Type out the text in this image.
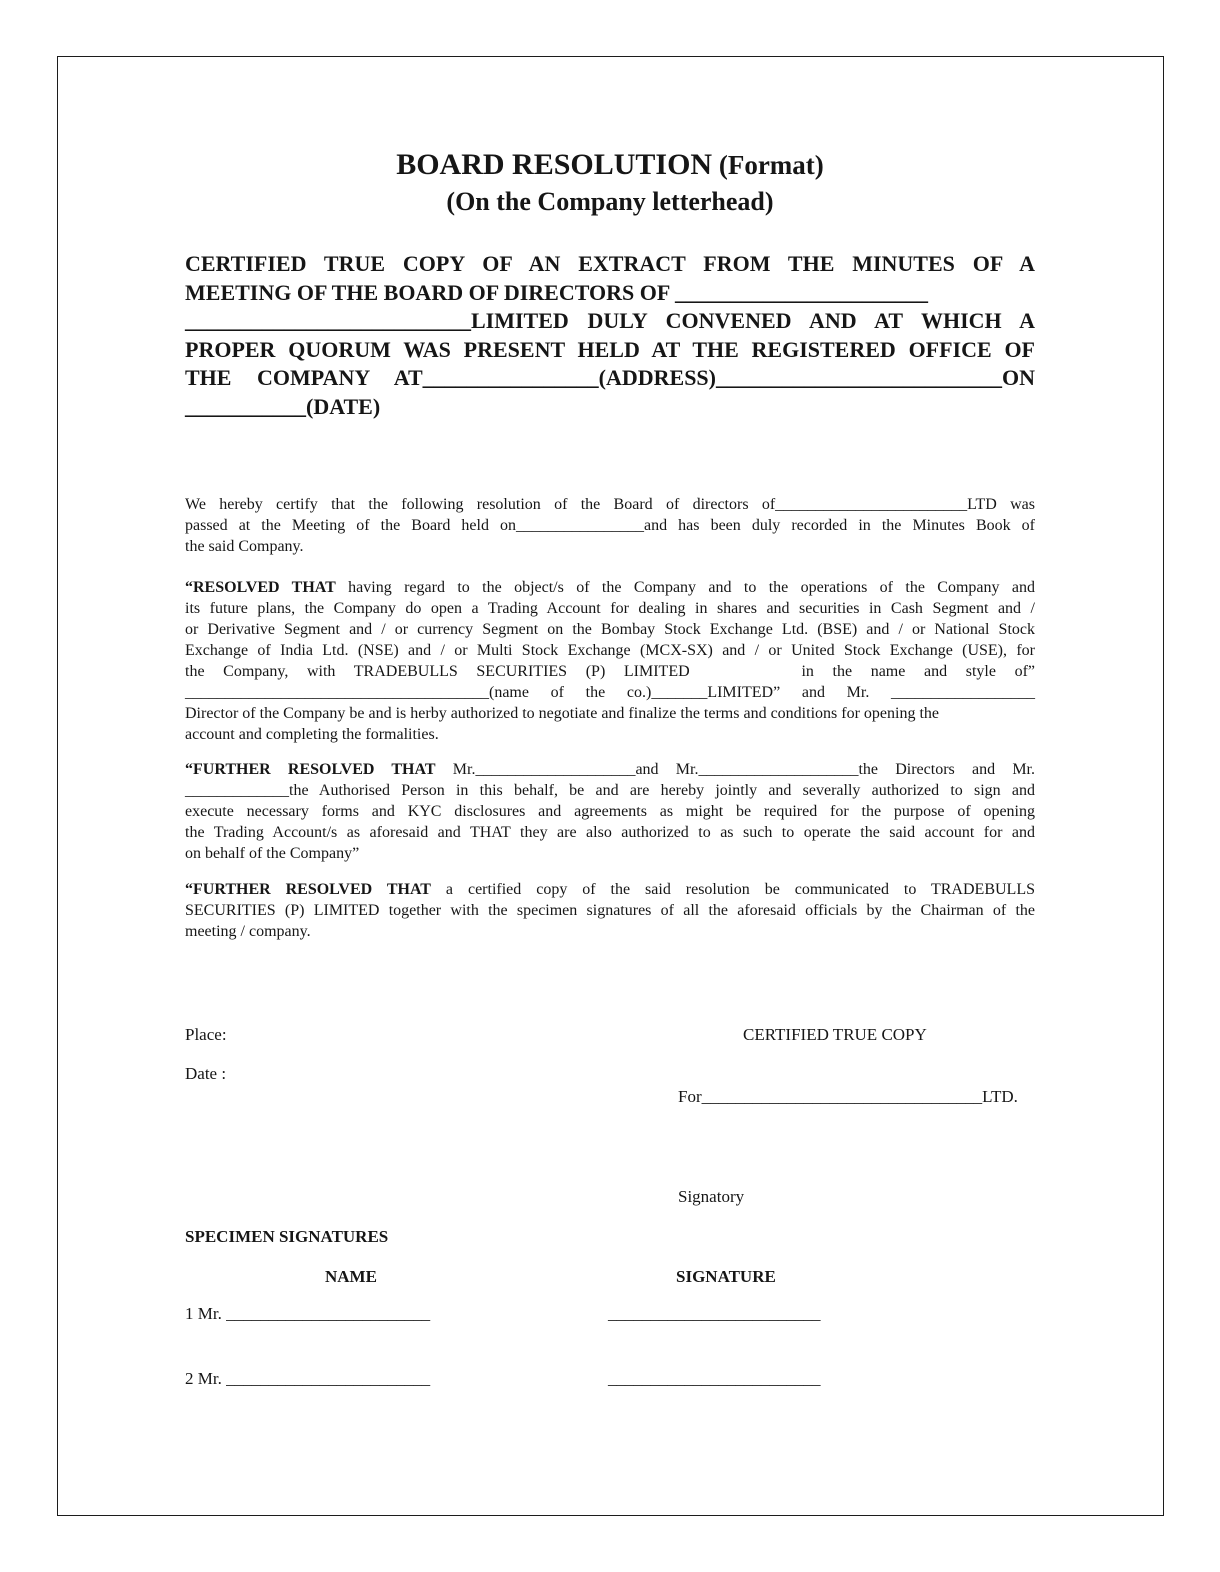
BOARD RESOLUTION (Format)
(On the Company letterhead)
CERTIFIED TRUE COPY OF AN EXTRACT FROM THE MINUTES OF A
MEETING OF THE BOARD OF DIRECTORS OF _______________________
__________________________LIMITED DULY CONVENED AND AT WHICH A
PROPER QUORUM WAS PRESENT HELD AT THE REGISTERED OFFICE OF
THE COMPANY AT________________(ADDRESS)__________________________ON
___________(DATE)
We hereby certify that the following resolution of the Board of directors of________________________LTD was
passed at the Meeting of the Board held on________________and has been duly recorded in the Minutes Book of
the said Company.
“RESOLVED THAT having regard to the object/s of the Company and to the operations of the Company and
its future plans, the Company do open a Trading Account for dealing in shares and securities in Cash Segment and /
or Derivative Segment and / or currency Segment on the Bombay Stock Exchange Ltd. (BSE) and / or National Stock
Exchange of India Ltd. (NSE) and / or Multi Stock Exchange (MCX-SX) and / or United Stock Exchange (USE), for
the Company, with TRADEBULLS SECURITIES (P) LIMITED      in the name and style of”
______________________________________(name of the co.)_______LIMITED” and Mr. __________________
Director of the Company be and is herby authorized to negotiate and finalize the terms and conditions for opening the
account and completing the formalities.
“FURTHER RESOLVED THAT Mr.____________________and Mr.____________________the Directors and Mr.
_____________the Authorised Person in this behalf, be and are hereby jointly and severally authorized to sign and
execute necessary forms and KYC disclosures and agreements as might be required for the purpose of opening
the Trading Account/s as aforesaid and THAT they are also authorized to as such to operate the said account for and
on behalf of the Company”
“FURTHER RESOLVED THAT a certified copy of the said resolution be communicated to TRADEBULLS
SECURITIES (P) LIMITED together with the specimen signatures of all the aforesaid officials by the Chairman of the
meeting / company.
Place:	CERTIFIED TRUE COPY
Date :
For_________________________________LTD.
Signatory
SPECIMEN SIGNATURES
NAME	SIGNATURE
1 Mr. ________________________	_________________________
2 Mr. ________________________	_________________________
